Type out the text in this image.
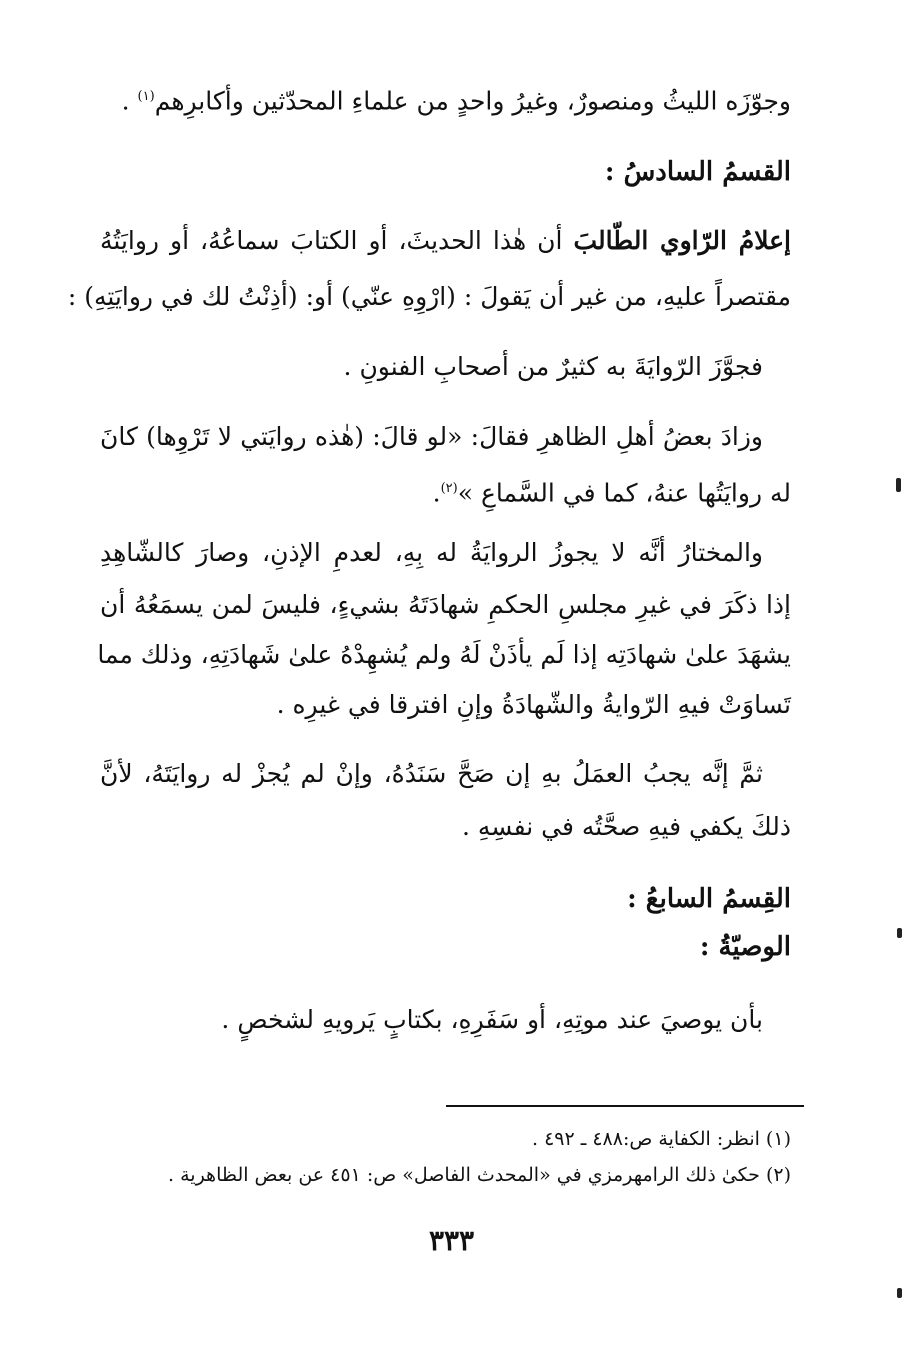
وجوّزَه الليثُ ومنصورٌ، وغيرُ واحدٍ من علماءِ المحدّثين وأكابرِهم$^{(١)}$ .
القسمُ السادسُ :
إعلامُ الرّاوي الطّالبَ أن هٰذا الحديثَ، أو الكتابَ سماعُهُ، أو روايَتُهُ
مقتصراً عليهِ، من غير أن يَقولَ : (ارْوِهِ عنّي) أو: (أذِنْتُ لك في روايَتِهِ) :
فجوَّزَ الرّوايَةَ به كثيرٌ من أصحابِ الفنونِ .
وزادَ بعضُ أهلِ الظاهرِ فقالَ: «لو قالَ: (هٰذه روايَتي لا تَرْوِها) كانَ
له روايَتُها عنهُ، كما في السَّماعِ »$^{(٢)}$.
والمختارُ أنَّه لا يجوزُ الروايَةُ له بِهِ، لعدمِ الإذنِ، وصارَ كالشّاهِدِ
إذا ذكَرَ في غيرِ مجلسِ الحكمِ شهادَتَهُ بشيءٍ، فليسَ لمن يسمَعُهُ أن
يشهَدَ علىٰ شهادَتِه إذا لَم يأذَنْ لَهُ ولم يُشهِدْهُ علىٰ شَهادَتِهِ، وذلك مما
تَساوَتْ فيهِ الرّوايةُ والشّهادَةُ وإنِ افترقا في غيرِه .
ثمَّ إنَّه يجبُ العمَلُ بهِ إن صَحَّ سَنَدُهُ، وإنْ لم يُجزْ له روايَتَهُ، لأنَّ
ذلكَ يكفي فيهِ صحَّتُه في نفسِهِ .
القِسمُ السابعُ :
الوصيّةُ :
بأن يوصيَ عند موتِهِ، أو سَفَرِهِ، بكتابٍ يَرويهِ لشخصٍ .
(١) انظر: الكفاية ص:٤٨٨ ـ ٤٩٢ .
(٢) حكىٰ ذلك الرامهرمزي في «المحدث الفاصل» ص: ٤٥١ عن بعض الظاهرية .
٣٣٣
